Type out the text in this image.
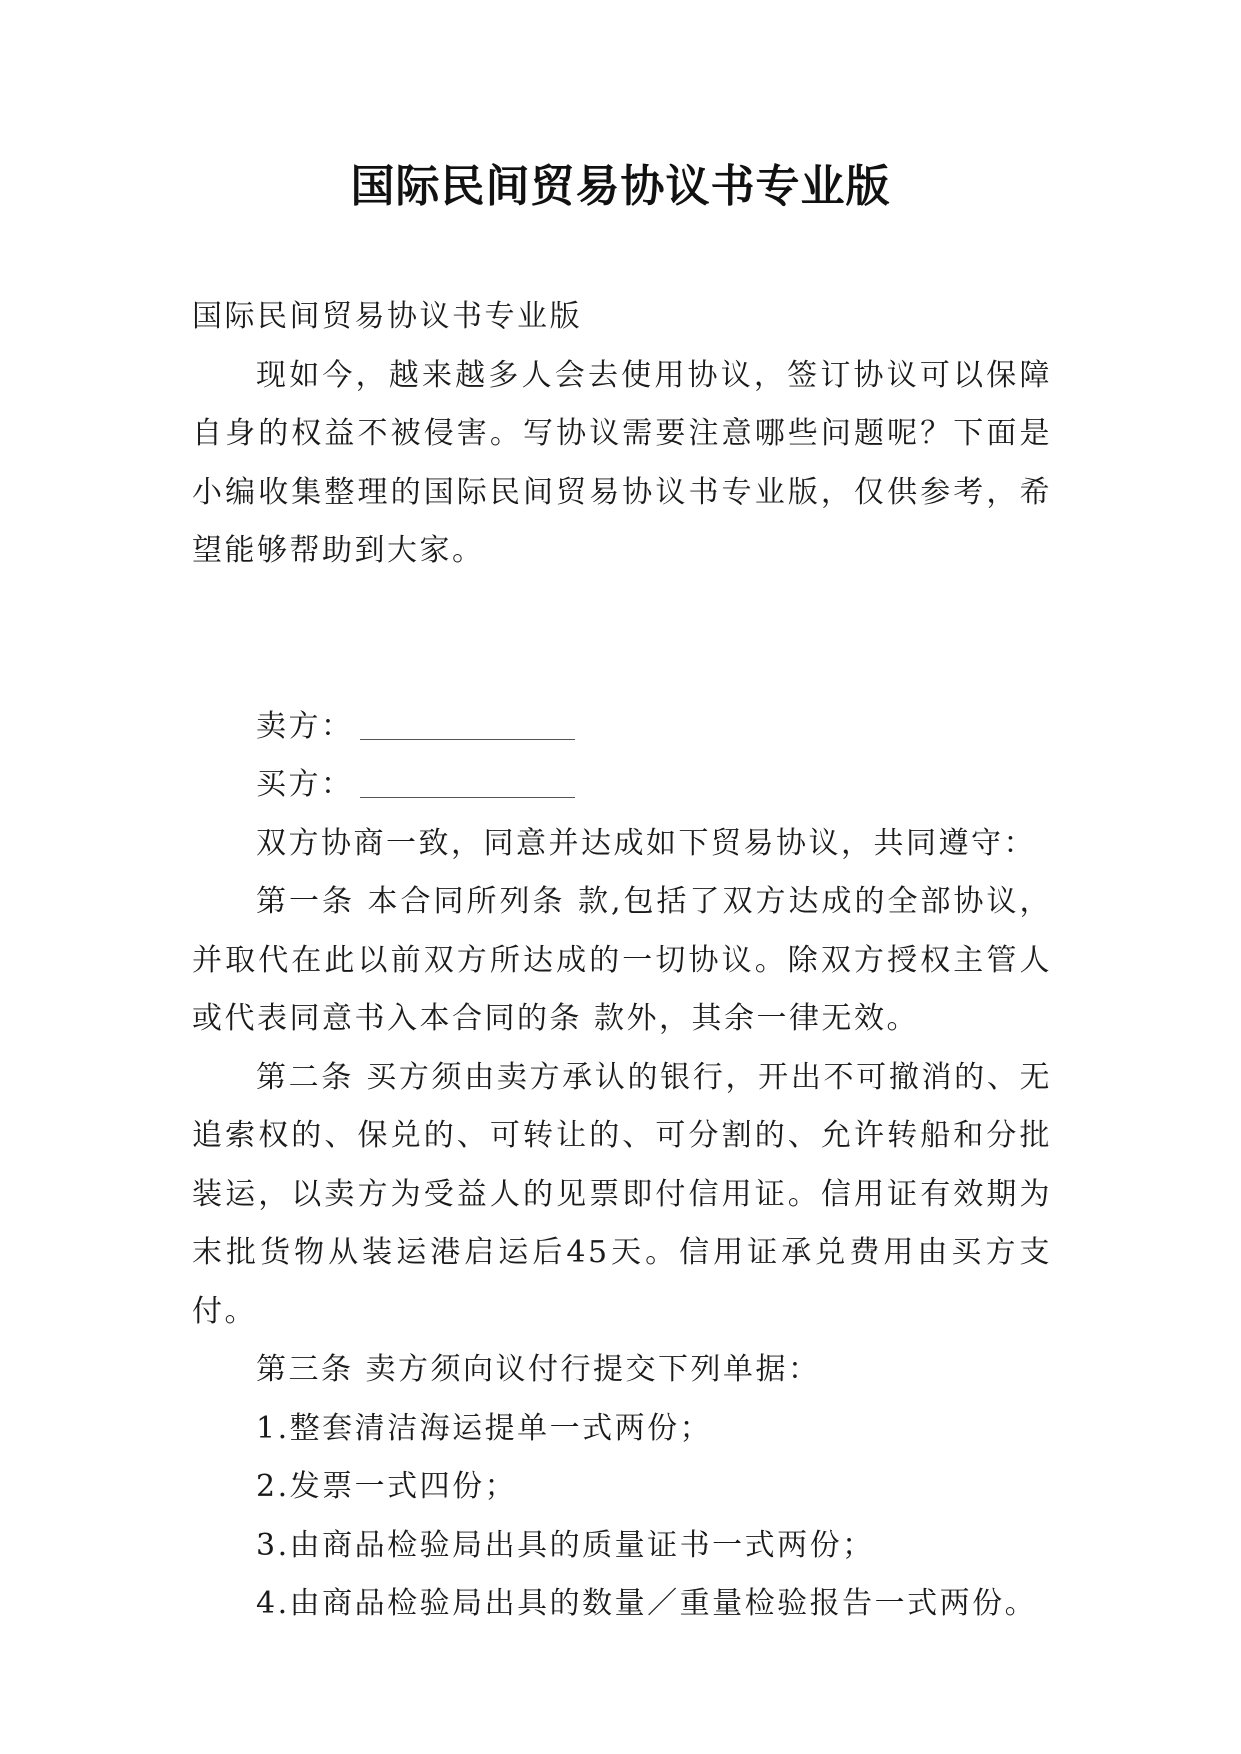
国际民间贸易协议书专业版

国际民间贸易协议书专业版

现如今，越来越多人会去使用协议，签订协议可以保障自身的权益不被侵害。写协议需要注意哪些问题呢？下面是小编收集整理的国际民间贸易协议书专业版，仅供参考，希望能够帮助到大家。

卖方：

买方：

双方协商一致，同意并达成如下贸易协议，共同遵守：

第一条 本合同所列条 款,包括了双方达成的全部协议，并取代在此以前双方所达成的一切协议。除双方授权主管人或代表同意书入本合同的条 款外，其余一律无效。

第二条 买方须由卖方承认的银行，开出不可撤消的、无追索权的、保兑的、可转让的、可分割的、允许转船和分批装运，以卖方为受益人的见票即付信用证。信用证有效期为末批货物从装运港启运后45天。信用证承兑费用由买方支付。

第三条 卖方须向议付行提交下列单据：

1.整套清洁海运提单一式两份；

2.发票一式四份；

3.由商品检验局出具的质量证书一式两份；

4.由商品检验局出具的数量／重量检验报告一式两份。
